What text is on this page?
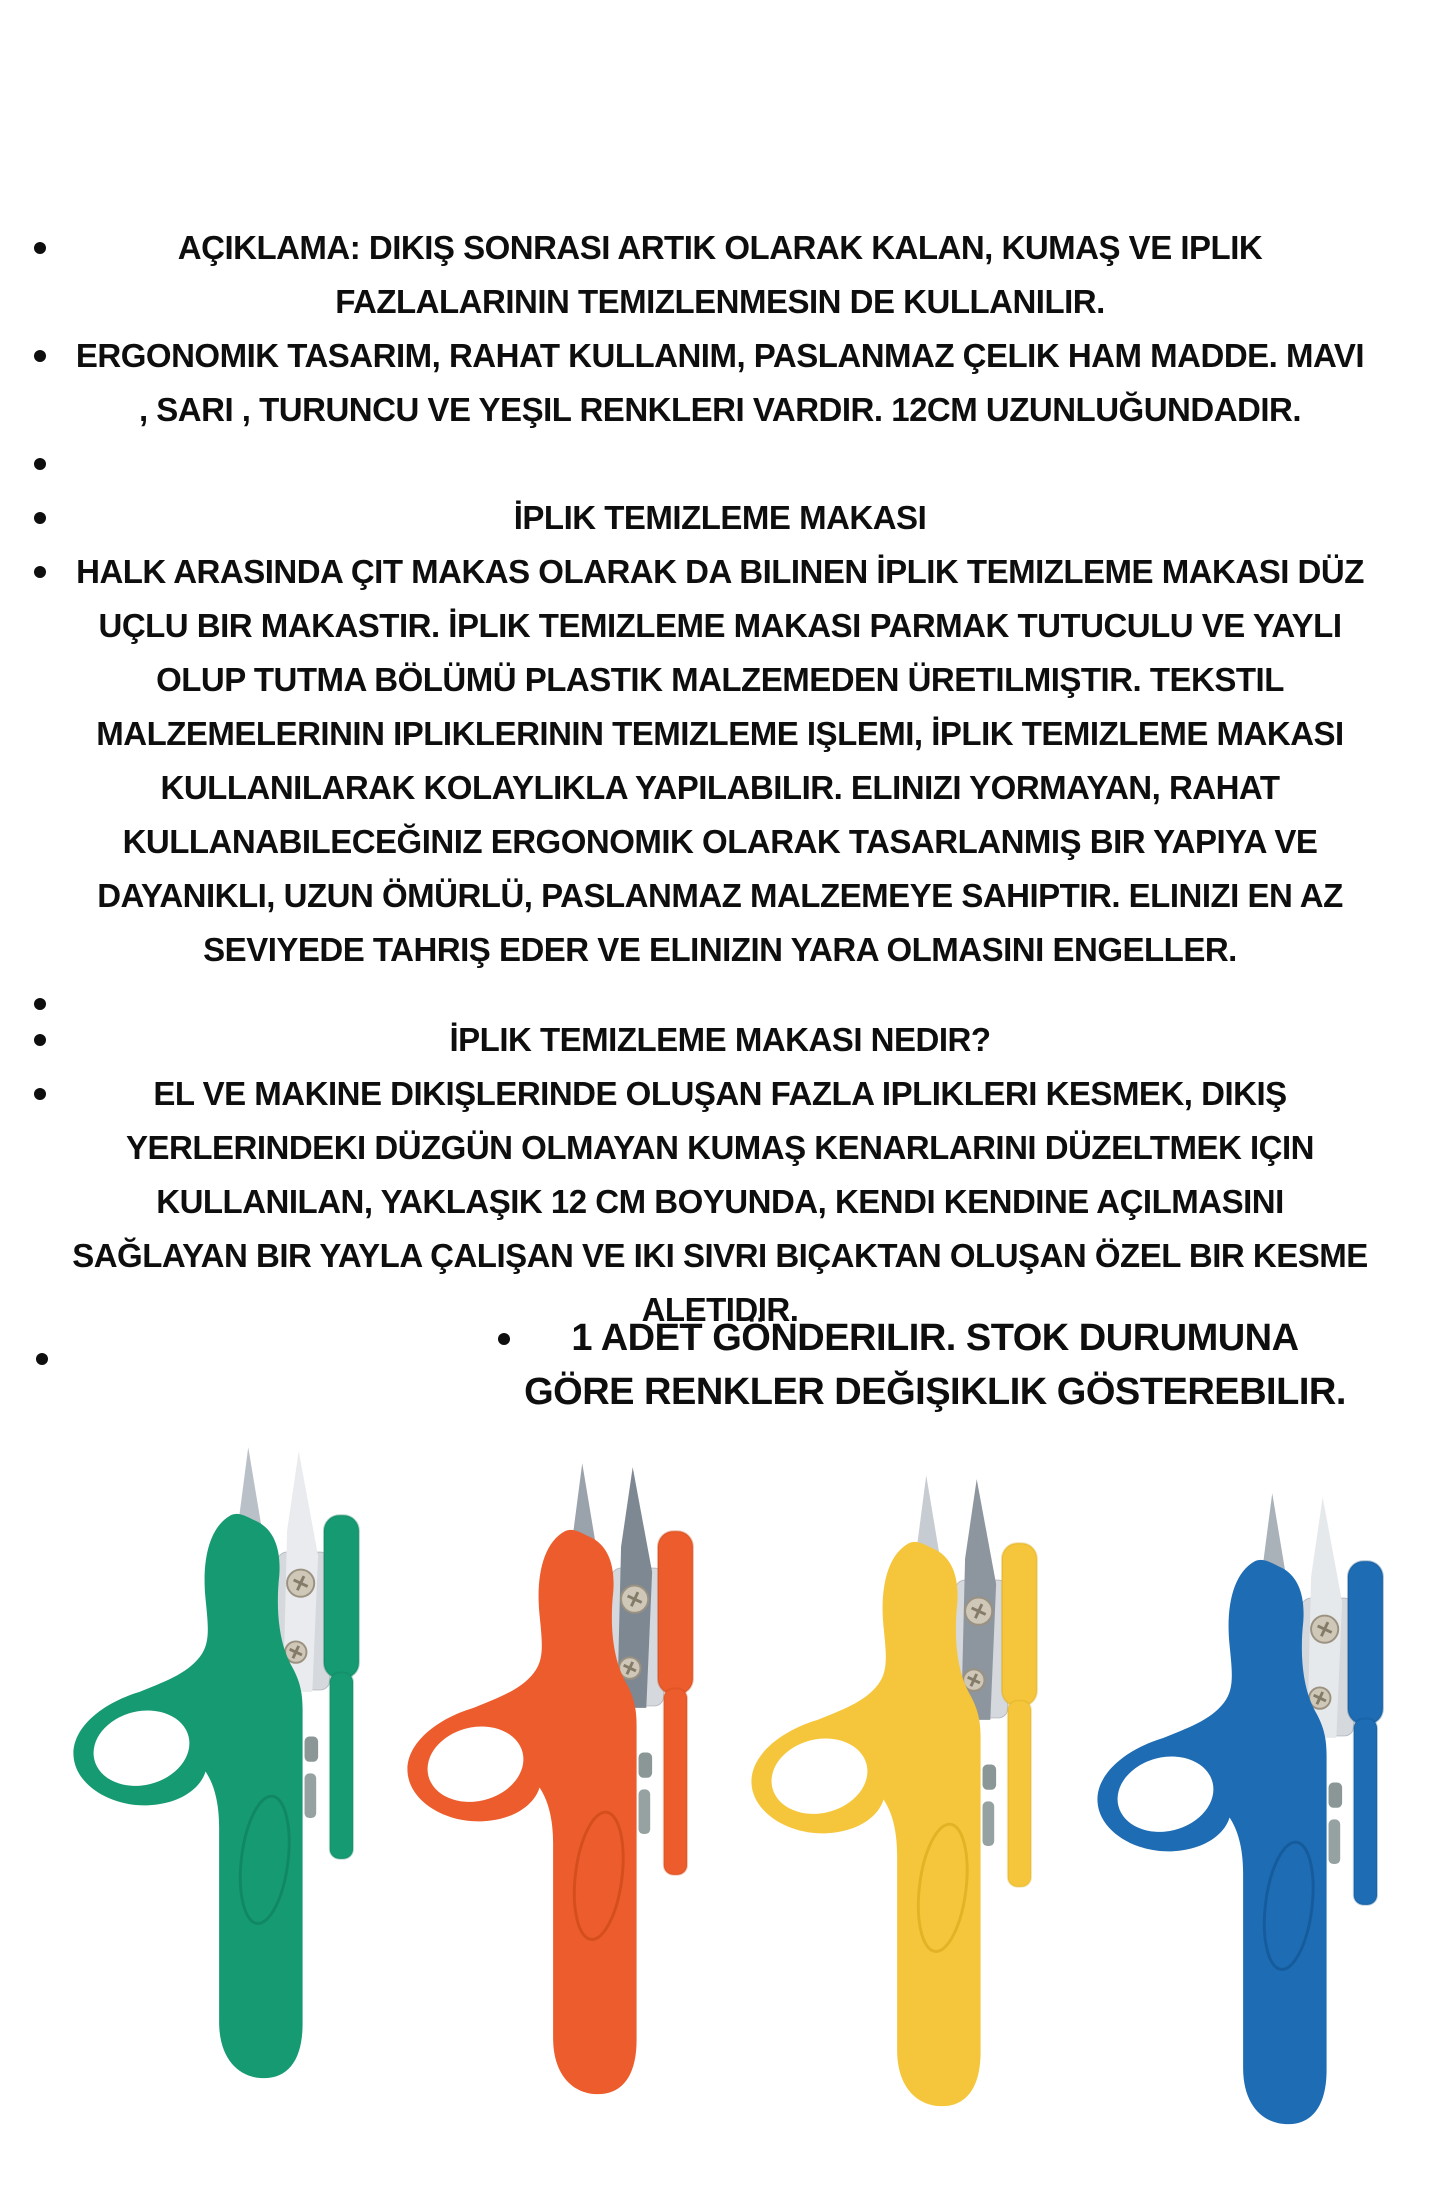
AÇIKLAMA: DIKIŞ SONRASI ARTIK OLARAK KALAN, KUMAŞ VE IPLIK
FAZLALARININ TEMIZLENMESIN DE KULLANILIR.
ERGONOMIK TASARIM, RAHAT KULLANIM, PASLANMAZ ÇELIK HAM MADDE. MAVI
, SARI , TURUNCU VE YEŞIL RENKLERI VARDIR. 12CM UZUNLUĞUNDADIR.
İPLIK TEMIZLEME MAKASI
HALK ARASINDA ÇIT MAKAS OLARAK DA BILINEN İPLIK TEMIZLEME MAKASI DÜZ
UÇLU BIR MAKASTIR. İPLIK TEMIZLEME MAKASI PARMAK TUTUCULU VE YAYLI
OLUP TUTMA BÖLÜMÜ PLASTIK MALZEMEDEN ÜRETILMIŞTIR. TEKSTIL
MALZEMELERININ IPLIKLERININ TEMIZLEME IŞLEMI, İPLIK TEMIZLEME MAKASI
KULLANILARAK KOLAYLIKLA YAPILABILIR. ELINIZI YORMAYAN, RAHAT
KULLANABILECEĞINIZ ERGONOMIK OLARAK TASARLANMIŞ BIR YAPIYA VE
DAYANIKLI, UZUN ÖMÜRLÜ, PASLANMAZ MALZEMEYE SAHIPTIR. ELINIZI EN AZ
SEVIYEDE TAHRIŞ EDER VE ELINIZIN YARA OLMASINI ENGELLER.
İPLIK TEMIZLEME MAKASI NEDIR?
EL VE MAKINE DIKIŞLERINDE OLUŞAN FAZLA IPLIKLERI KESMEK, DIKIŞ
YERLERINDEKI DÜZGÜN OLMAYAN KUMAŞ KENARLARINI DÜZELTMEK IÇIN
KULLANILAN, YAKLAŞIK 12 CM BOYUNDA, KENDI KENDINE AÇILMASINI
SAĞLAYAN BIR YAYLA ÇALIŞAN VE IKI SIVRI BIÇAKTAN OLUŞAN ÖZEL BIR KESME
ALETIDIR.
1 ADET GÖNDERILIR. STOK DURUMUNA
GÖRE RENKLER DEĞIŞIKLIK GÖSTEREBILIR.
